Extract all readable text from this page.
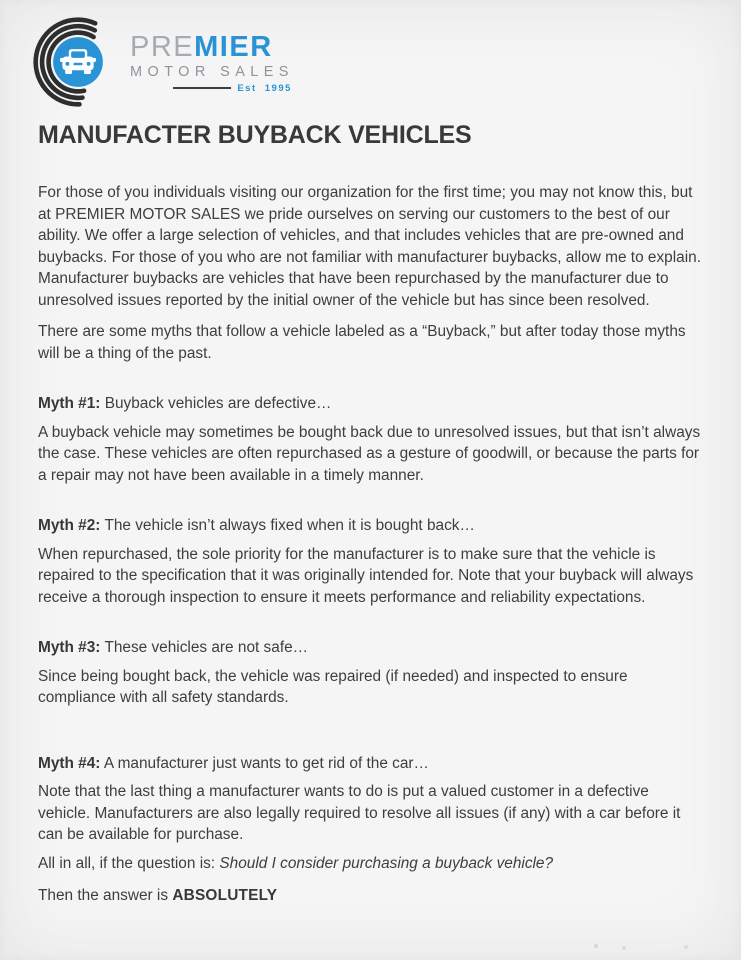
PREMIER
MOTOR SALES
Est 1995
MANUFACTER BUYBACK VEHICLES

For those of you individuals visiting our organization for the first time; you may not know this, but at PREMIER MOTOR SALES we pride ourselves on serving our customers to the best of our ability. We offer a large selection of vehicles, and that includes vehicles that are pre-owned and buybacks. For those of you who are not familiar with manufacturer buybacks, allow me to explain. Manufacturer buybacks are vehicles that have been repurchased by the manufacturer due to unresolved issues reported by the initial owner of the vehicle but has since been resolved.

There are some myths that follow a vehicle labeled as a “Buyback,” but after today those myths will be a thing of the past.

Myth #1: Buyback vehicles are defective…

A buyback vehicle may sometimes be bought back due to unresolved issues, but that isn’t always the case. These vehicles are often repurchased as a gesture of goodwill, or because the parts for a repair may not have been available in a timely manner.

Myth #2: The vehicle isn’t always fixed when it is bought back…

When repurchased, the sole priority for the manufacturer is to make sure that the vehicle is repaired to the specification that it was originally intended for. Note that your buyback will always receive a thorough inspection to ensure it meets performance and reliability expectations.

Myth #3: These vehicles are not safe…

Since being bought back, the vehicle was repaired (if needed) and inspected to ensure compliance with all safety standards.

Myth #4: A manufacturer just wants to get rid of the car…

Note that the last thing a manufacturer wants to do is put a valued customer in a defective vehicle. Manufacturers are also legally required to resolve all issues (if any) with a car before it can be available for purchase.

All in all, if the question is: Should I consider purchasing a buyback vehicle?

Then the answer is ABSOLUTELY
